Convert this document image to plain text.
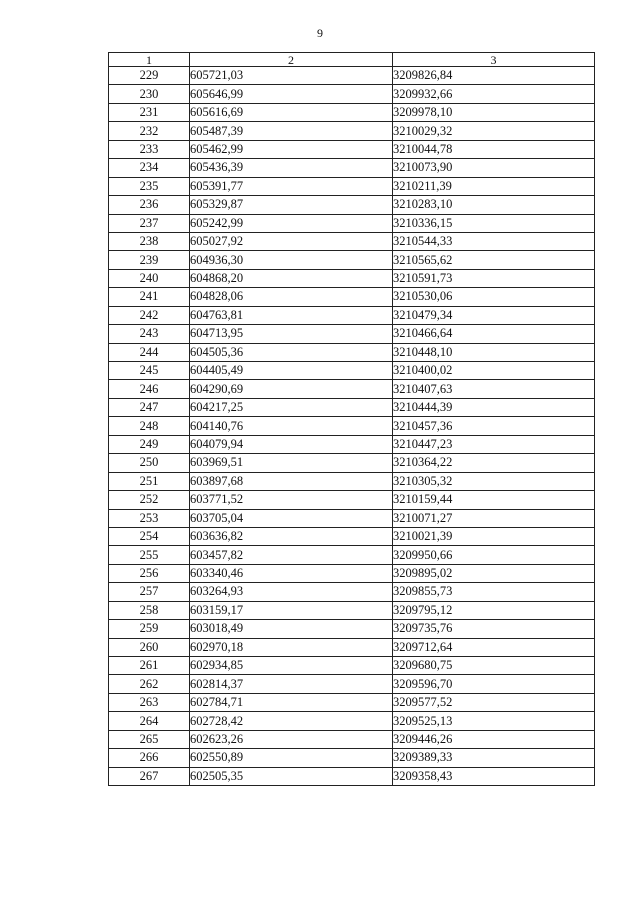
9
1	2	3
229	605721,03	3209826,84
230	605646,99	3209932,66
231	605616,69	3209978,10
232	605487,39	3210029,32
233	605462,99	3210044,78
234	605436,39	3210073,90
235	605391,77	3210211,39
236	605329,87	3210283,10
237	605242,99	3210336,15
238	605027,92	3210544,33
239	604936,30	3210565,62
240	604868,20	3210591,73
241	604828,06	3210530,06
242	604763,81	3210479,34
243	604713,95	3210466,64
244	604505,36	3210448,10
245	604405,49	3210400,02
246	604290,69	3210407,63
247	604217,25	3210444,39
248	604140,76	3210457,36
249	604079,94	3210447,23
250	603969,51	3210364,22
251	603897,68	3210305,32
252	603771,52	3210159,44
253	603705,04	3210071,27
254	603636,82	3210021,39
255	603457,82	3209950,66
256	603340,46	3209895,02
257	603264,93	3209855,73
258	603159,17	3209795,12
259	603018,49	3209735,76
260	602970,18	3209712,64
261	602934,85	3209680,75
262	602814,37	3209596,70
263	602784,71	3209577,52
264	602728,42	3209525,13
265	602623,26	3209446,26
266	602550,89	3209389,33
267	602505,35	3209358,43
